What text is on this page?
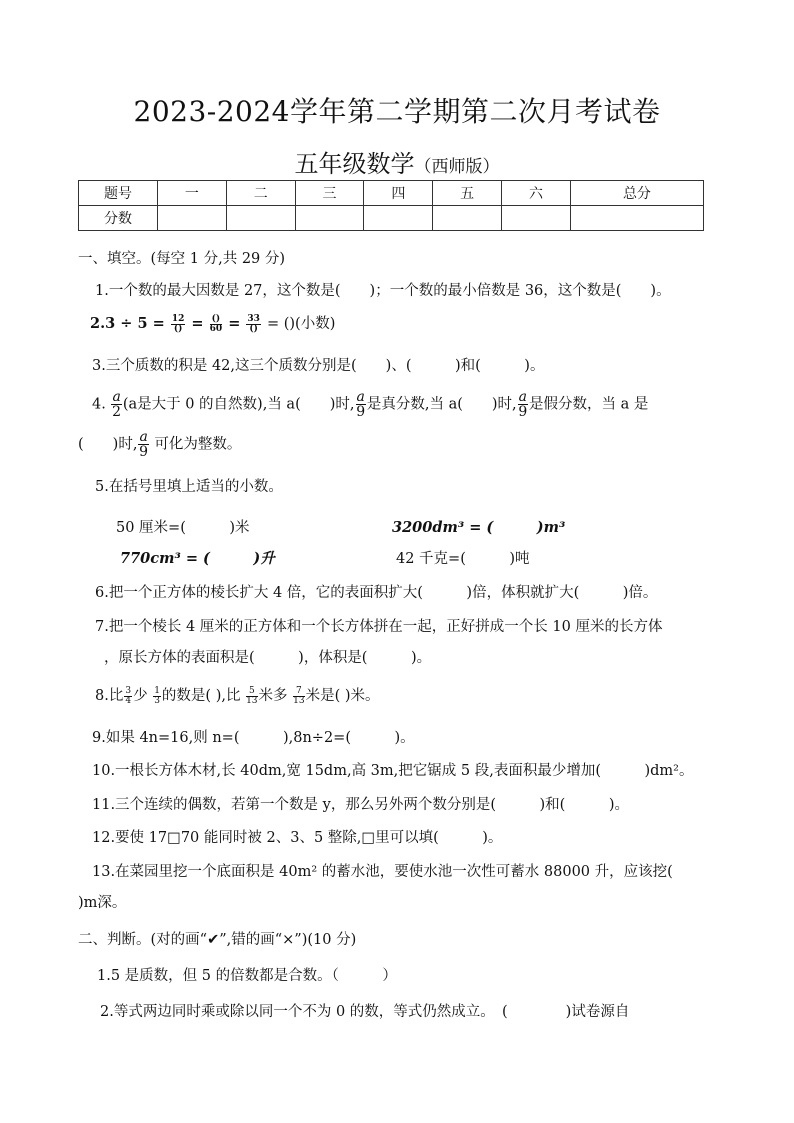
2023-2024学年第二学期第二次月考试卷
五年级数学（西师版）
题号	一	二	三	四	五	六	总分
分数							
一、填空。(每空 1 分,共 29 分)
1.一个数的最大因数是 27，这个数是(　　)；一个数的最小倍数是 36，这个数是(　　)。
$2.3 \div 5 = \frac{12}{()} = \frac{()}{60} = \frac{33}{()}$ = ()(小数)
3.三个质数的积是 42,这三个质数分别是(　　)、(　　　)和(　　　)。
4. $\frac{a}{2} (a$是大于 0 的自然数),当 a(　　)时, $\frac{a}{9}$ 是真分数,当 a(　　)时, $\frac{a}{9}$ 是假分数，当 a 是
(　　)时, $\frac{a}{9}$ 可化为整数。
5.在括号里填上适当的小数。
50 厘米=(　　　)米	3200dm³ = (　　　)m³
770cm³ = (　　　)升	42 千克=(　　　)吨
6.把一个正方体的棱长扩大 4 倍，它的表面积扩大(　　　)倍，体积就扩大(　　　)倍。
7.把一个棱长 4 厘米的正方体和一个长方体拼在一起，正好拼成一个长 10 厘米的长方体
，原长方体的表面积是(　　　)，体积是(　　　)。
8.比 $\frac{3}{4}$ 少 $\frac{1}{3}$ 的数是( ),比 $\frac{5}{13}$ 米多 $\frac{7}{13}$ 米是( )米。
9.如果 4n=16,则 n=(　　　),8n÷2=(　　　)。
10.一根长方体木材,长 40dm,宽 15dm,高 3m,把它锯成 5 段,表面积最少增加(　　　)dm²。
11.三个连续的偶数，若第一个数是 y，那么另外两个数分别是(　　　)和(　　　)。
12.要使 17□70 能同时被 2、3、5 整除,□里可以填(　　　)。
13.在菜园里挖一个底面积是 40m² 的蓄水池，要使水池一次性可蓄水 88000 升，应该挖(
)m深。
二、判断。(对的画“✔”,错的画“×”)(10 分)
1.5 是质数，但 5 的倍数都是合数。（　　　）
2.等式两边同时乘或除以同一个不为 0 的数，等式仍然成立。　(　　　　)试卷源自
